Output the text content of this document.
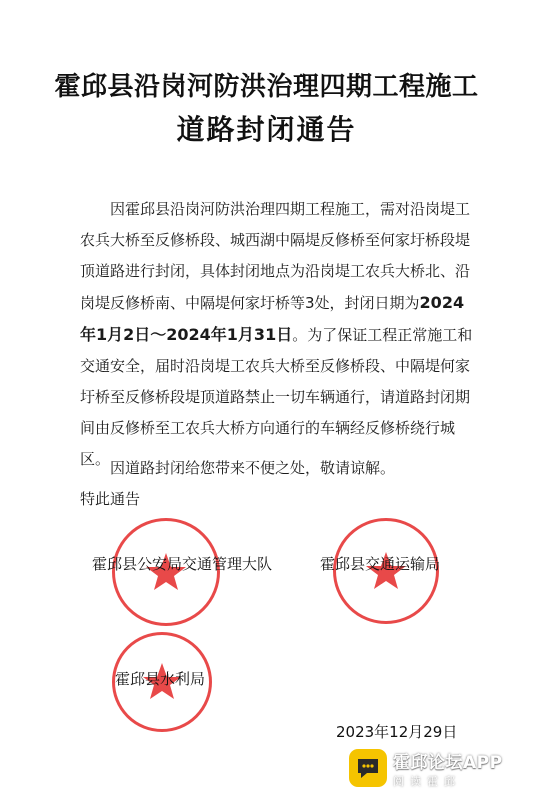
霍邱县沿岗河防洪治理四期工程施工
道路封闭通告
因霍邱县沿岗河防洪治理四期工程施工，需对沿岗堤工农兵大桥至反修桥段、城西湖中隔堤反修桥至何家圩桥段堤顶道路进行封闭，具体封闭地点为沿岗堤工农兵大桥北、沿岗堤反修桥南、中隔堤何家圩桥等3处，封闭日期为2024年1月2日～2024年1月31日。为了保证工程正常施工和交通安全，届时沿岗堤工农兵大桥至反修桥段、中隔堤何家圩桥至反修桥段堤顶道路禁止一切车辆通行，请道路封闭期间由反修桥至工农兵大桥方向通行的车辆经反修桥绕行城区。 因道路封闭给您带来不便之处，敬请谅解。
特此通告
霍邱县公安局交通管理大队	霍邱县交通运输局
霍邱县水利局
2023年12月29日
霍邱论坛APP
阅读霍邱
